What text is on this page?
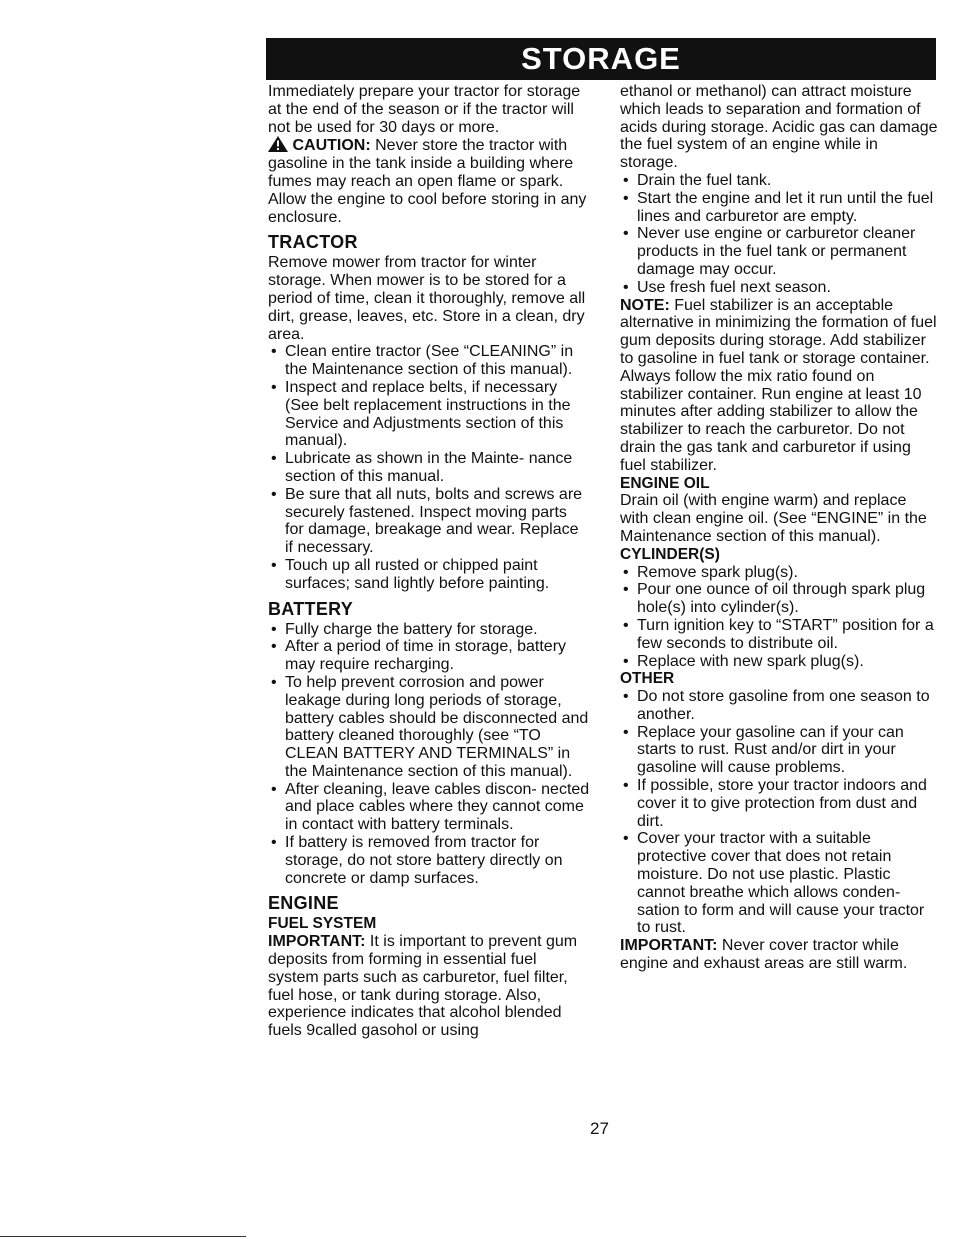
STORAGE

Immediately prepare your tractor for storage at the end of the season or if the tractor will not be used for 30 days or more.

CAUTION: Never store the tractor with gasoline in the tank inside a building where fumes may reach an open flame or spark. Allow the engine to cool before storing in any enclosure.

TRACTOR

Remove mower from tractor for winter storage. When mower is to be stored for a period of time, clean it thoroughly, remove all dirt, grease, leaves, etc. Store in a clean, dry area.

• Clean entire tractor (See “CLEANING” in the Maintenance section of this manual).
• Inspect and replace belts, if necessary (See belt replacement instructions in the Service and Adjustments section of this manual).
• Lubricate as shown in the Mainte- nance section of this manual.
• Be sure that all nuts, bolts and screws are securely fastened. Inspect moving parts for damage, breakage and wear. Replace if necessary.
• Touch up all rusted or chipped paint surfaces; sand lightly before painting.

BATTERY

• Fully charge the battery for storage.
• After a period of time in storage, battery may require recharging.
• To help prevent corrosion and power leakage during long periods of storage, battery cables should be disconnected and battery cleaned thoroughly (see “TO CLEAN BATTERY AND TERMINALS” in the Maintenance section of this manual).
• After cleaning, leave cables discon- nected and place cables where they cannot come in contact with battery terminals.
• If battery is removed from tractor for storage, do not store battery directly on concrete or damp surfaces.

ENGINE

FUEL SYSTEM

IMPORTANT: It is important to prevent gum deposits from forming in essential fuel system parts such as carburetor, fuel filter, fuel hose, or tank during storage. Also, experience indicates that alcohol blended fuels 9called gasohol or using

ethanol or methanol) can attract moisture which leads to separation and formation of acids during storage. Acidic gas can damage the fuel system of an engine while in storage.

• Drain the fuel tank.
• Start the engine and let it run until the fuel lines and carburetor are empty.
• Never use engine or carburetor cleaner products in the fuel tank or permanent damage may occur.
• Use fresh fuel next season.

NOTE: Fuel stabilizer is an acceptable alternative in minimizing the formation of fuel gum deposits during storage. Add stabilizer to gasoline in fuel tank or storage container. Always follow the mix ratio found on stabilizer container. Run engine at least 10 minutes after adding stabilizer to allow the stabilizer to reach the carburetor. Do not drain the gas tank and carburetor if using fuel stabilizer.

ENGINE OIL

Drain oil (with engine warm) and replace with clean engine oil. (See “ENGINE” in the Maintenance section of this manual).

CYLINDER(S)

• Remove spark plug(s).
• Pour one ounce of oil through spark plug hole(s) into cylinder(s).
• Turn ignition key to “START” position for a few seconds to distribute oil.
• Replace with new spark plug(s).

OTHER

• Do not store gasoline from one season to another.
• Replace your gasoline can if your can starts to rust. Rust and/or dirt in your gasoline will cause problems.
• If possible, store your tractor indoors and cover it to give protection from dust and dirt.
• Cover your tractor with a suitable protective cover that does not retain moisture. Do not use plastic. Plastic cannot breathe which allows conden- sation to form and will cause your tractor to rust.

IMPORTANT: Never cover tractor while engine and exhaust areas are still warm.

27
